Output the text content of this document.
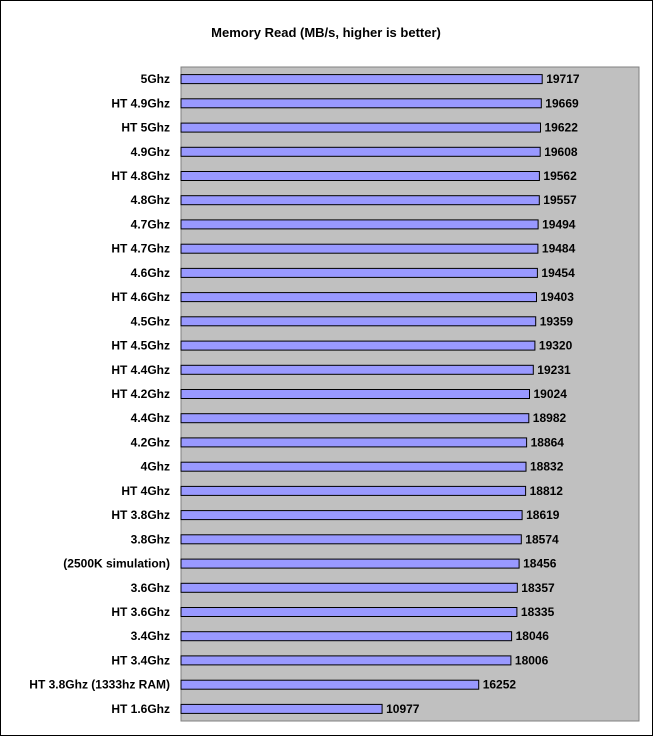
Memory Read (MB/s, higher is better)
5Ghz
HT 4.9Ghz
HT 5Ghz
4.9Ghz
HT 4.8Ghz
4.8Ghz
4.7Ghz
HT 4.7Ghz
4.6Ghz
HT 4.6Ghz
4.5Ghz
HT 4.5Ghz
HT 4.4Ghz
HT 4.2Ghz
4.4Ghz
4.2Ghz
4Ghz
HT 4Ghz
HT 3.8Ghz
3.8Ghz
(2500K simulation)
3.6Ghz
HT 3.6Ghz
3.4Ghz
HT 3.4Ghz
HT 3.8Ghz (1333hz RAM)
HT 1.6Ghz
19717
19669
19622
19608
19562
19557
19494
19484
19454
19403
19359
19320
19231
19024
18982
18864
18832
18812
18619
18574
18456
18357
18335
18046
18006
16252
10977
